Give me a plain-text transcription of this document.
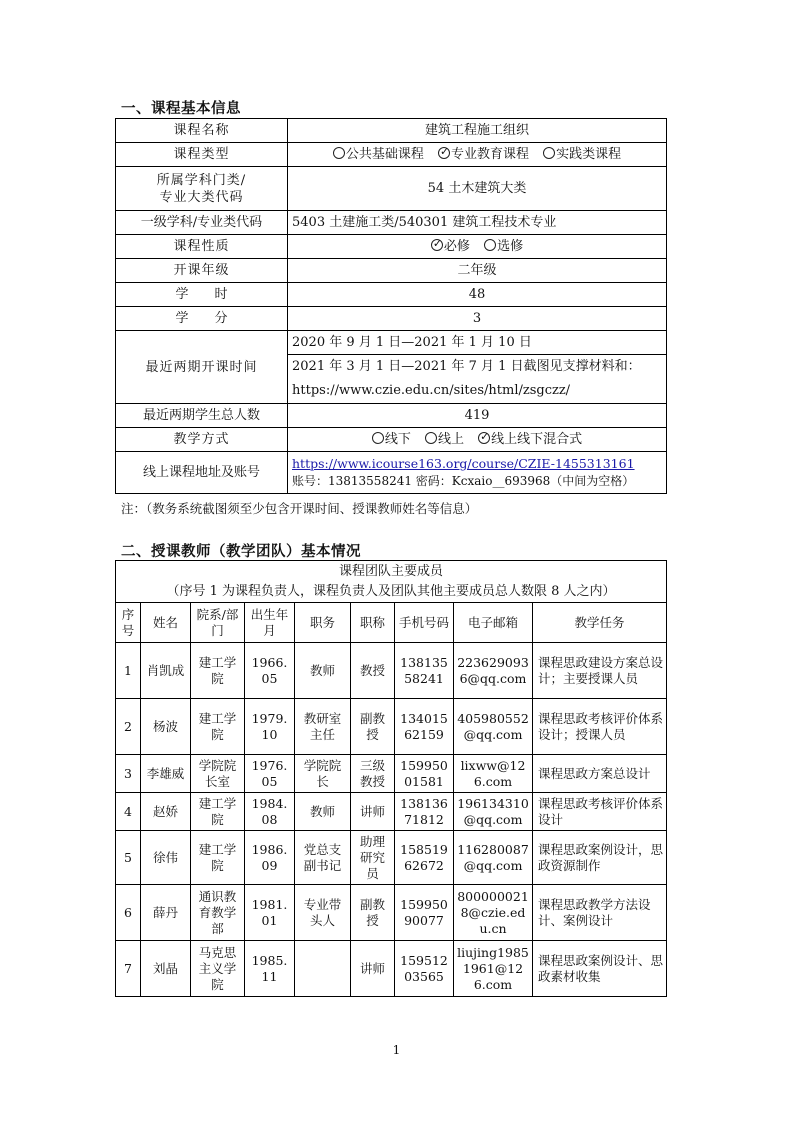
一、课程基本信息
课程名称	建筑工程施工组织
课程类型	公共基础课程 ✓ 专业教育课程 实践类课程

所属学科门类/
专业大类代码	54 土木建筑大类
一级学科/专业类代码	5403 土建施工类/540301 建筑工程技术专业
课程性质	✓必修 选修
开课年级	二年级
学　　时	48
学　　分	3
最近两期开课时间	2020 年 9 月 1 日—2021 年 1 月 10 日
2021 年 3 月 1 日—2021 年 7 月 1 日截图见支撑材料和：
https://www.czie.edu.cn/sites/html/zsgczz/

最近两期学生总人数	419
教学方式	线下 线上 ✓ 线上线下混合式
线上课程地址及账号	https://www.icourse163.org/course/CZIE-1455313161
账号：13813558241 密码：Kcxaio__693968（中间为空格）
注：（教务系统截图须至少包含开课时间、授课教师姓名等信息）
二、授课教师（教学团队）基本情况
课程团队主要成员								
（序号 1 为课程负责人，课程负责人及团队其他主要成员总人数限 8 人之内）								
序号	姓名	院系/部门	出生年月	职务	职称	手机号码	电子邮箱	教学任务
1	肖凯成	建工学院	1966.05	教师	教授	13813558241	2236290936@qq.com	课程思政建设方案总设计；主要授课人员
2	杨波	建工学院	1979.10	教研室主任	副教授	13401562159	405980552@qq.com	课程思政考核评价体系设计；授课人员
3	李雄威	学院院长室	1976.05	学院院长	三级教授	15995001581	lixww@126.com	课程思政方案总设计
4	赵娇	建工学院	1984.08	教师	讲师	13813671812	196134310@qq.com	课程思政考核评价体系设计
5	徐伟	建工学院	1986.09	党总支副书记	助理研究员	15851962672	116280087@qq.com	课程思政案例设计，思政资源制作
6	薛丹	通识教育教学部	1981.01	专业带头人	副教授	15995090077	8000000218@czie.edu.cn	课程思政教学方法设计、案例设计
7	刘晶	马克思主义学院	1985.11		讲师	15951203565	liujing19851961@126.com	课程思政案例设计、思政素材收集
1
